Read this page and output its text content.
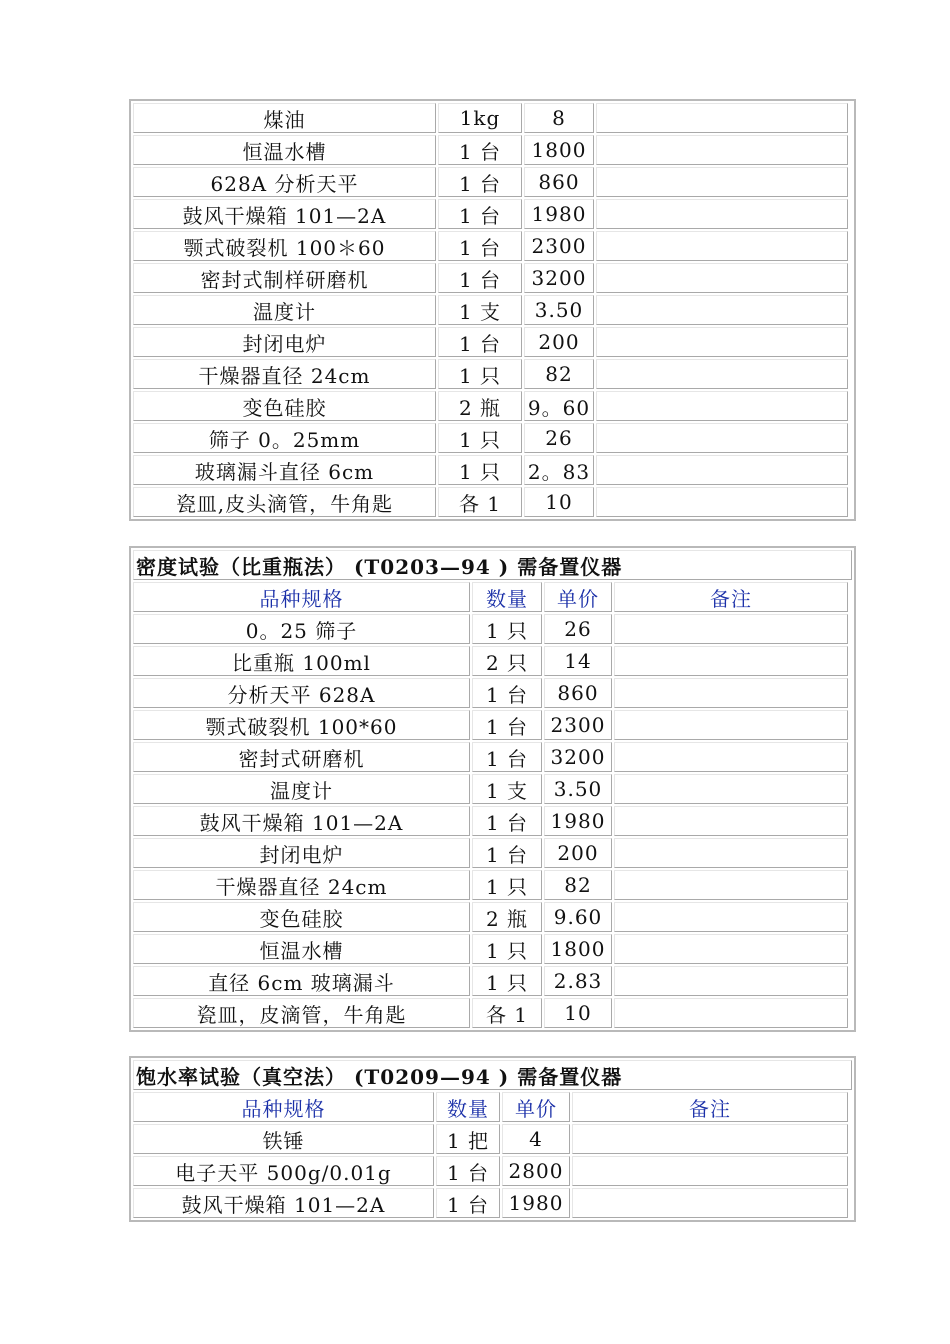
煤油	1kg	8
恒温水槽	1 台	1800
628A 分析天平	1 台	860
鼓风干燥箱 101—2A	1 台	1980
颚式破裂机 100＊60	1 台	2300
密封式制样研磨机	1 台	3200
温度计	1 支	3.50
封闭电炉	1 台	200
干燥器直径 24cm	1 只	82
变色硅胶	2 瓶	9。60
筛子 0。25mm	1 只	26
玻璃漏斗直径 6cm	1 只	2。83
瓷皿,皮头滴管，牛角匙	各 1	10
密度试验（比重瓶法） (T0203—94 ) 需备置仪器
品种规格	数量	单价	备注
0。25 筛子	1 只	26
比重瓶 100ml	2 只	14
分析天平 628A	1 台	860
颚式破裂机 100*60	1 台	2300
密封式研磨机	1 台	3200
温度计	1 支	3.50
鼓风干燥箱 101—2A	1 台	1980
封闭电炉	1 台	200
干燥器直径 24cm	1 只	82
变色硅胶	2 瓶	9.60
恒温水槽	1 只	1800
直径 6cm 玻璃漏斗	1 只	2.83
瓷皿，皮滴管，牛角匙	各 1	10
饱水率试验（真空法） (T0209—94 ) 需备置仪器
品种规格	数量	单价	备注
铁锤	1 把	4
电子天平 500g/0.01g	1 台 2800
鼓风干燥箱 101—2A	1 台 1980
